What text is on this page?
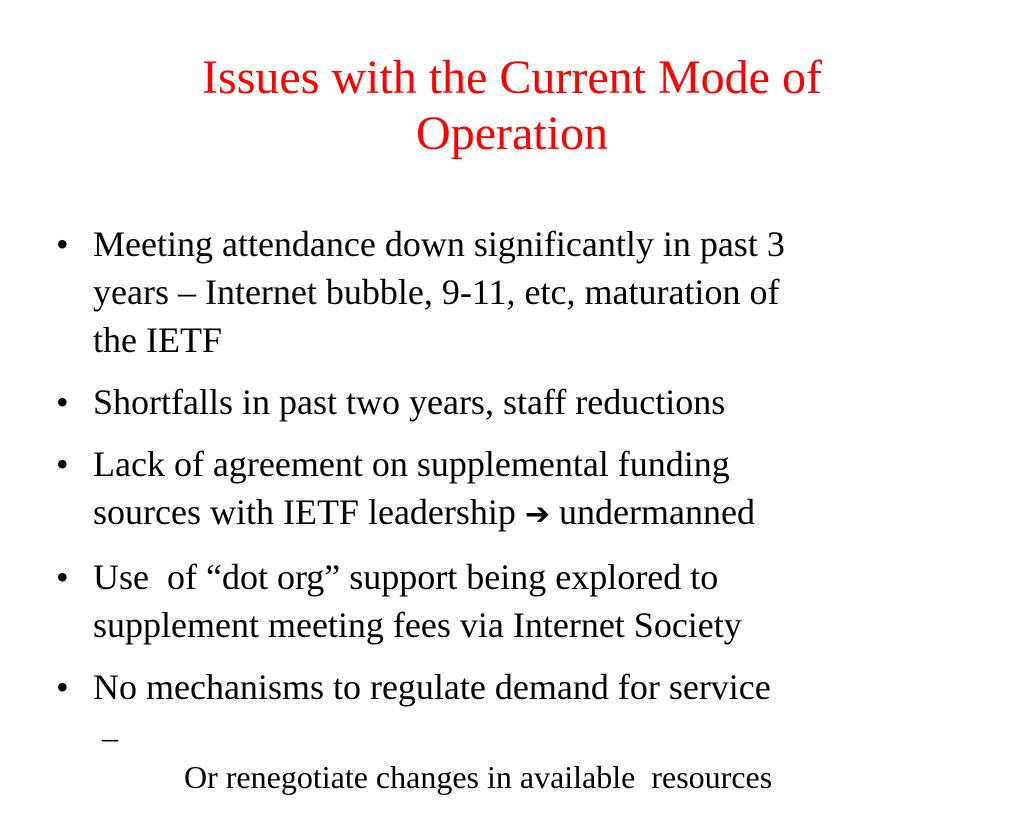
Issues with the Current Mode of
Operation
• Meeting attendance down significantly in past 3
years – Internet bubble, 9-11, etc, maturation of
the IETF
• Shortfalls in past two years, staff reductions
• Lack of agreement on supplemental funding
sources with IETF leadership ➔ undermanned
• Use  of “dot org” support being explored to
supplement meeting fees via Internet Society
• No mechanisms to regulate demand for service

–
Or renegotiate changes in available  resources
